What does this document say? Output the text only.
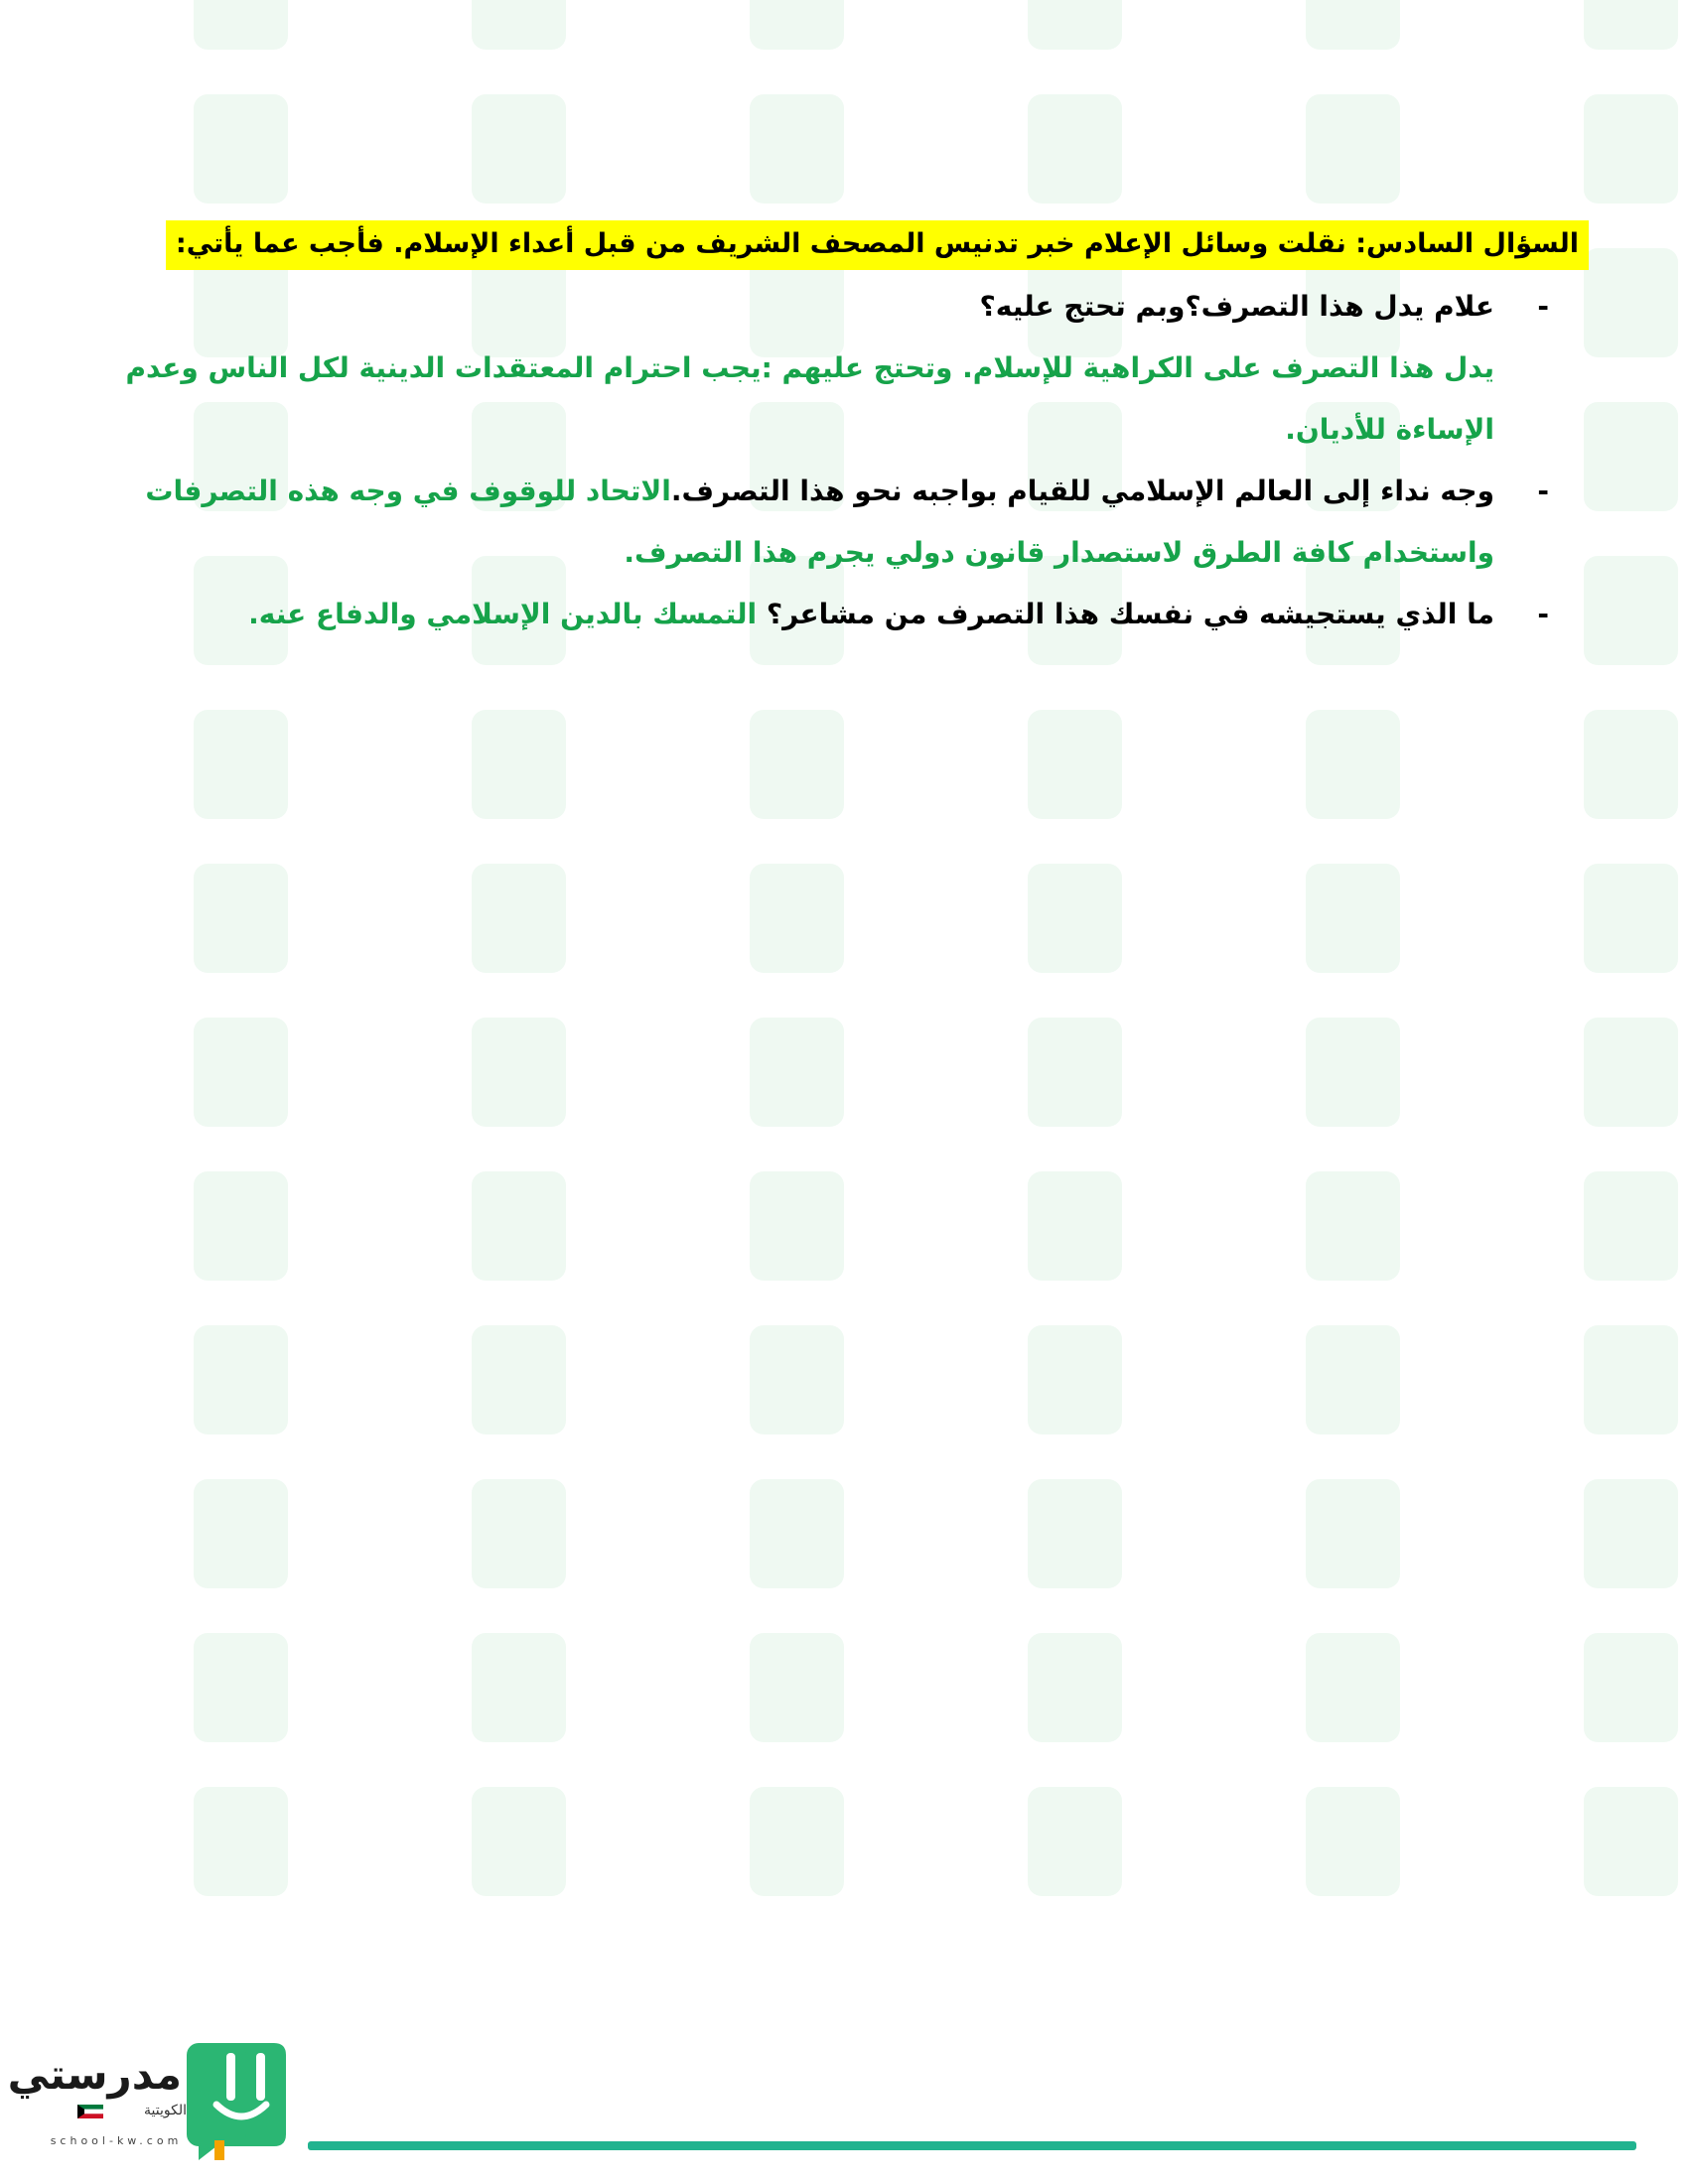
السؤال السادس: نقلت وسائل الإعلام خبر تدنيس المصحف الشريف من قبل أعداء الإسلام. فأجب عما يأتي:
-
علام يدل هذا التصرف؟وبم تحتج عليه؟
يدل هذا التصرف على الكراهية للإسلام. وتحتج عليهم :يجب احترام المعتقدات الدينية لكل الناس وعدم الإساءة للأديان.
-
وجه نداء إلى العالم الإسلامي للقيام بواجبه نحو هذا التصرف.الاتحاد للوقوف في وجه هذه التصرفات واستخدام كافة الطرق لاستصدار قانون دولي يجرم هذا التصرف.
-
ما الذي يستجيشه في نفسك هذا التصرف من مشاعر؟ التمسك بالدين الإسلامي والدفاع عنه.
مدرستي
الكويتية
school-kw.com
